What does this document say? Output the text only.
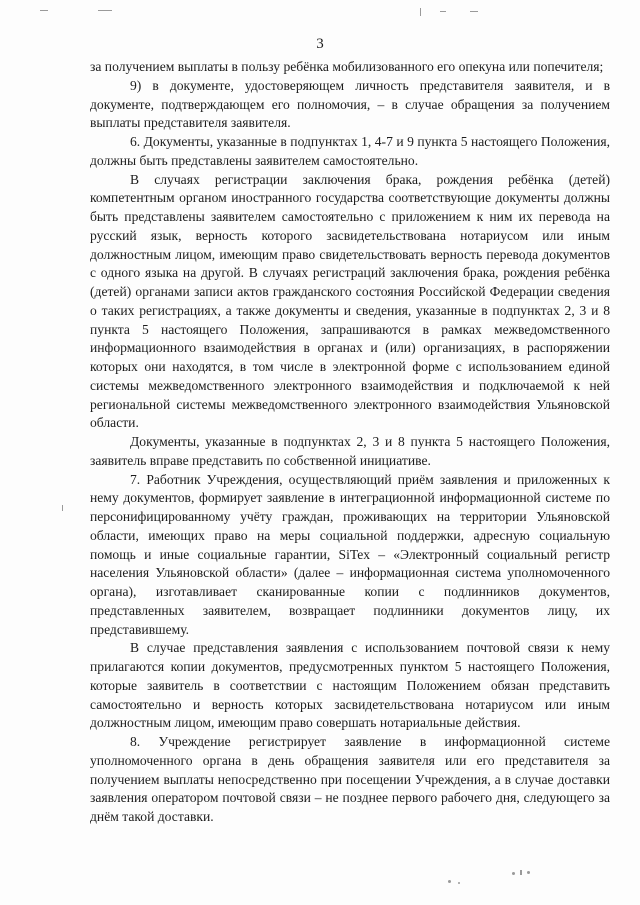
3

за получением выплаты в пользу ребёнка мобилизованного его опекуна или попечителя;

9) в документе, удостоверяющем личность представителя заявителя, и в документе, подтверждающем его полномочия, – в случае обращения за получением выплаты представителя заявителя.

6. Документы, указанные в подпунктах 1, 4-7 и 9 пункта 5 настоящего Положения, должны быть представлены заявителем самостоятельно.

В случаях регистрации заключения брака, рождения ребёнка (детей) компетентным органом иностранного государства соответствующие документы должны быть представлены заявителем самостоятельно с приложением к ним их перевода на русский язык, верность которого засвидетельствована нотариусом или иным должностным лицом, имеющим право свидетельствовать верность перевода документов с одного языка на другой. В случаях регистраций заключения брака, рождения ребёнка (детей) органами записи актов гражданского состояния Российской Федерации сведения о таких регистрациях, а также документы и сведения, указанные в подпунктах 2, 3 и 8 пункта 5 настоящего Положения, запрашиваются в рамках межведомственного информационного взаимодействия в органах и (или) организациях, в распоряжении которых они находятся, в том числе в электронной форме с использованием единой системы межведомственного электронного взаимодействия и подключаемой к ней региональной системы межведомственного электронного взаимодействия Ульяновской области.

Документы, указанные в подпунктах 2, 3 и 8 пункта 5 настоящего Положения, заявитель вправе представить по собственной инициативе.

7. Работник Учреждения, осуществляющий приём заявления и приложенных к нему документов, формирует заявление в интеграционной информационной системе по персонифицированному учёту граждан, проживающих на территории Ульяновской области, имеющих право на меры социальной поддержки, адресную социальную помощь и иные социальные гарантии, SiTex – «Электронный социальный регистр населения Ульяновской области» (далее – информационная система уполномоченного органа), изготавливает сканированные копии с подлинников документов, представленных заявителем, возвращает подлинники документов лицу, их представившему.

В случае представления заявления с использованием почтовой связи к нему прилагаются копии документов, предусмотренных пунктом 5 настоящего Положения, которые заявитель в соответствии с настоящим Положением обязан представить самостоятельно и верность которых засвидетельствована нотариусом или иным должностным лицом, имеющим право совершать нотариальные действия.

8. Учреждение регистрирует заявление в информационной системе уполномоченного органа в день обращения заявителя или его представителя за получением выплаты непосредственно при посещении Учреждения, а в случае доставки заявления оператором почтовой связи – не позднее первого рабочего дня, следующего за днём такой доставки.
